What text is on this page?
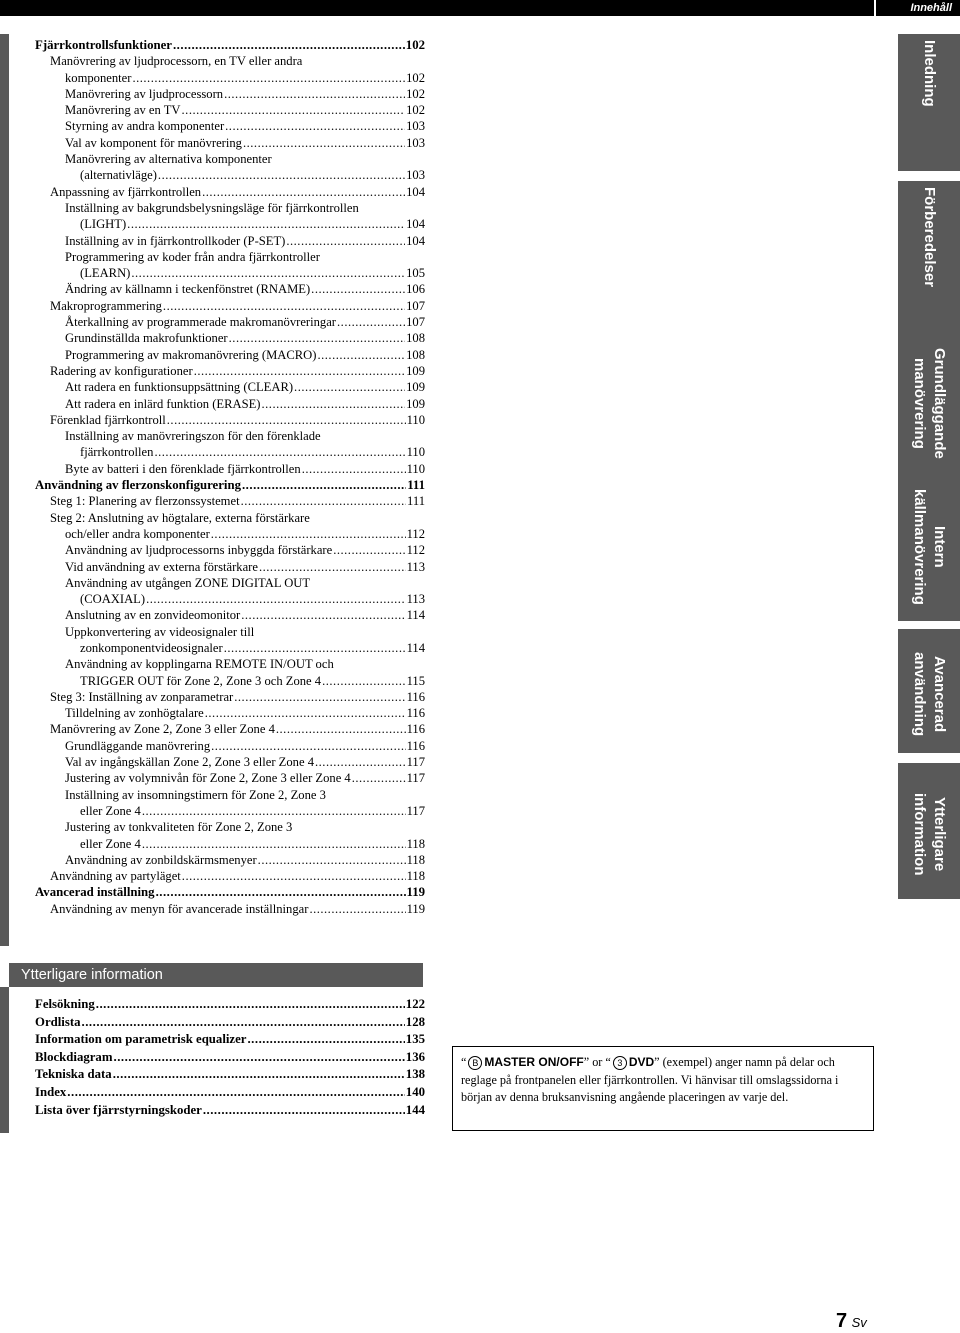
Innehåll
Fjärrkontrollsfunktioner .....	102
Manövrering av ljudprocessorn, en TV eller andra
komponenter .....	102
Manövrering av ljudprocessorn .....	102
Manövrering av en TV .....	102
Styrning av andra komponenter .....	103
Val av komponent för manövrering .....	103
Manövrering av alternativa komponenter
(alternativläge) .....	103
Anpassning av fjärrkontrollen .....	104
Inställning av bakgrundsbelysningsläge för fjärrkontrollen
(LIGHT) .....	104
Inställning av in fjärrkontrollkoder (P-SET) .....	104
Programmering av koder från andra fjärrkontroller
(LEARN) .....	105
Ändring av källnamn i teckenfönstret (RNAME) .....	106
Makroprogrammering .....	107
Återkallning av programmerade makromanövreringar .....	107
Grundinställda makrofunktioner .....	108
Programmering av makromanövrering (MACRO) .....	108
Radering av konfigurationer .....	109
Att radera en funktionsuppsättning (CLEAR) .....	109
Att radera en inlärd funktion (ERASE) .....	109
Förenklad fjärrkontroll .....	110
Inställning av manövreringszon för den förenklade
fjärrkontrollen .....	110
Byte av batteri i den förenklade fjärrkontrollen .....	110
Användning av flerzonskonfigurering .....	111
Steg 1: Planering av flerzonssystemet .....	111
Steg 2: Anslutning av högtalare, externa förstärkare
och/eller andra komponenter .....	112
Användning av ljudprocessorns inbyggda förstärkare .....	112
Vid användning av externa förstärkare .....	113
Användning av utgången ZONE DIGITAL OUT
(COAXIAL) .....	113
Anslutning av en zonvideomonitor .....	114
Uppkonvertering av videosignaler till
zonkomponentvideosignaler .....	114
Användning av kopplingarna REMOTE IN/OUT och
TRIGGER OUT för Zone 2, Zone 3 och Zone 4 .....	115
Steg 3: Inställning av zonparametrar .....	116
Tilldelning av zonhögtalare .....	116
Manövrering av Zone 2, Zone 3 eller Zone 4 .....	116
Grundläggande manövrering .....	116
Val av ingångskällan Zone 2, Zone 3 eller Zone 4 .....	117
Justering av volymnivån för Zone 2, Zone 3 eller Zone 4 .....	117
Inställning av insomningstimern för Zone 2, Zone 3
eller Zone 4 .....	117
Justering av tonkvaliteten för Zone 2, Zone 3
eller Zone 4 .....	118
Användning av zonbildskärmsmenyer .....	118
Användning av partyläget .....	118
Avancerad inställning .....	119
Användning av menyn för avancerade inställningar .....	119
Ytterligare information
Felsökning .....	122
Ordlista .....	128
Information om parametrisk equalizer .....	135
Blockdiagram .....	136
Tekniska data .....	138
Index .....	140
Lista över fjärrstyrningskoder .....	144
“ B MASTER ON/OFF” or “ 3 DVD” (exempel) anger namn på delar och reglage på frontpanelen eller fjärrkontrollen. Vi hänvisar till omslagssidorna i början av denna bruksanvisning angående placeringen av varje del.
Inledning
Förberedelser
Grundläggande
manövrering
Intern
källmanövrering
Avancerad
användning
Ytterligare
information
7 Sv
